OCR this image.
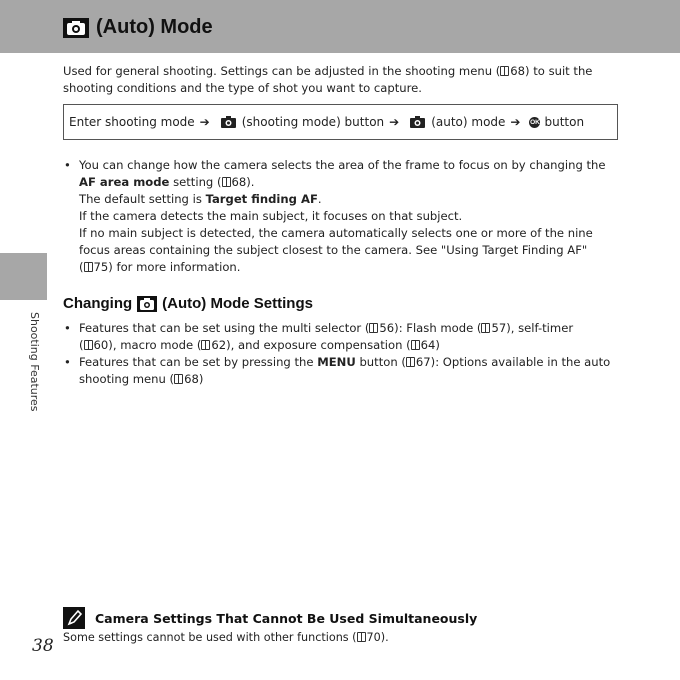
(Auto) Mode
Used for general shooting. Settings can be adjusted in the shooting menu ( 68) to suit the shooting conditions and the type of shot you want to capture.
Enter shooting mode ➔	(shooting mode) button ➔	(auto) mode ➔ OK button
• You can change how the camera selects the area of the frame to focus on by changing the
AF area mode setting ( 68).
The default setting is Target finding AF.
If the camera detects the main subject, it focuses on that subject.
If no main subject is detected, the camera automatically selects one or more of the nine
focus areas containing the subject closest to the camera. See "Using Target Finding AF"
( 75) for more information.
Shooting Features
Changing (Auto) Mode Settings
• Features that can be set using the multi selector ( 56): Flash mode ( 57), self-timer
( 60), macro mode ( 62), and exposure compensation ( 64)
• Features that can be set by pressing the MENU button ( 67): Options available in the auto
shooting menu ( 68)
Camera Settings That Cannot Be Used Simultaneously
Some settings cannot be used with other functions ( 70).
38
